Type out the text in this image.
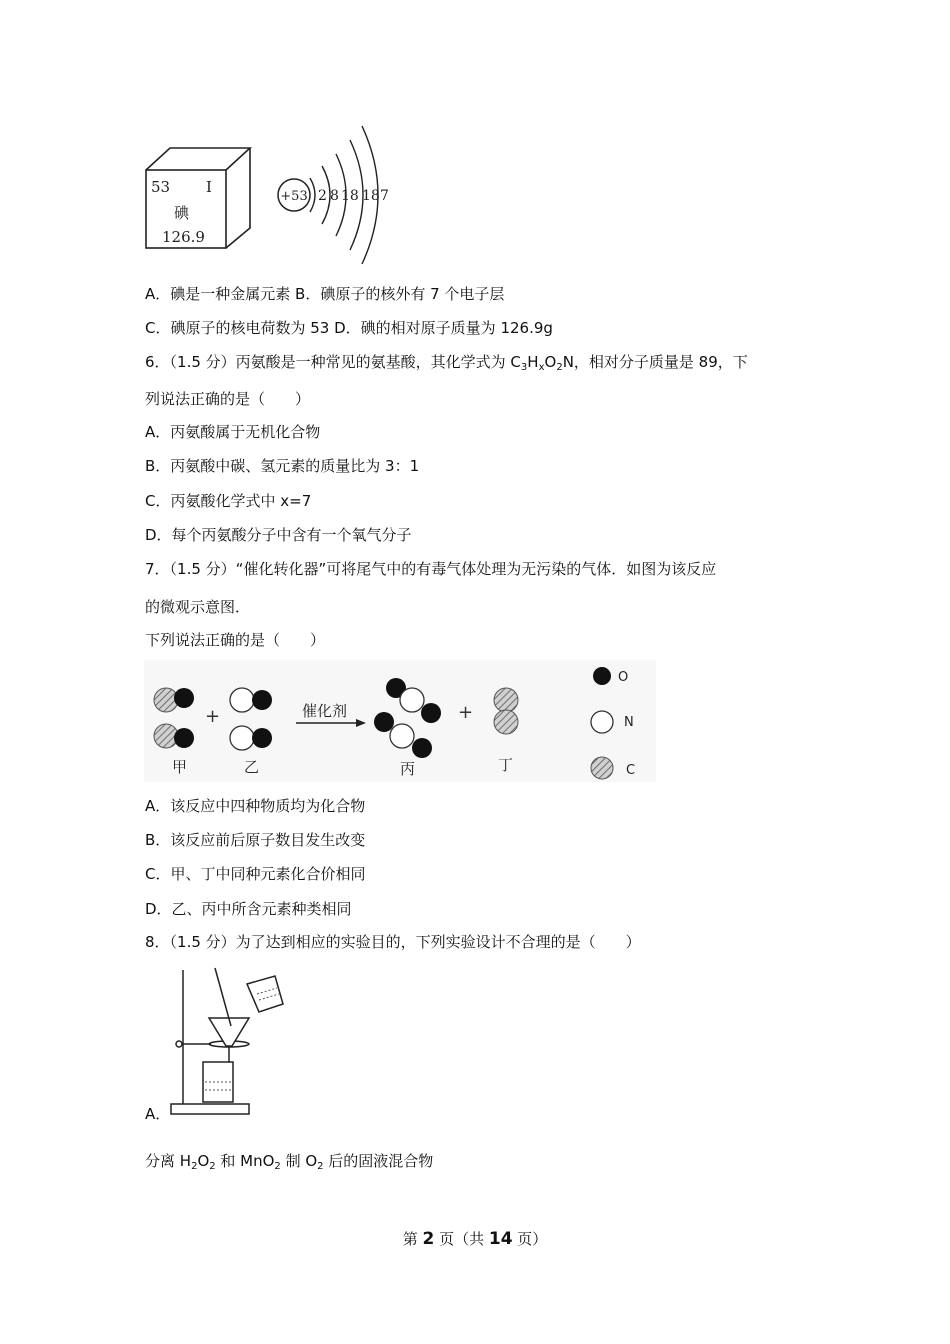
53 I
碘
126.9
+53 2 8 18 18 7
A．碘是一种金属元素 B．碘原子的核外有 7 个电子层
C．碘原子的核电荷数为 53 D．碘的相对原子质量为 126.9g
6．（1.5 分）丙氨酸是一种常见的氨基酸，其化学式为 $C_3H_xO_2N$，相对分子质量是 89，下
列说法正确的是（　　）
A．丙氨酸属于无机化合物
B．丙氨酸中碳、氢元素的质量比为 3：1
C．丙氨酸化学式中 x=7
D．每个丙氨酸分子中含有一个氧气分子
7．（1.5 分）“催化转化器”可将尾气中的有毒气体处理为无污染的气体．如图为该反应
的微观示意图．
下列说法正确的是（　　）
+	催化剂	+
O
N
C
甲	乙	丙	丁
A．该反应中四种物质均为化合物
B．该反应前后原子数目发生改变
C．甲、丁中同种元素化合价相同
D．乙、丙中所含元素种类相同
8．（1.5 分）为了达到相应的实验目的，下列实验设计不合理的是（　　）
A．
分离 $H_2O_2$ 和 MnO$_2$ 制 $O_2$ 后的固液混合物
第 2 页（共 14 页）
